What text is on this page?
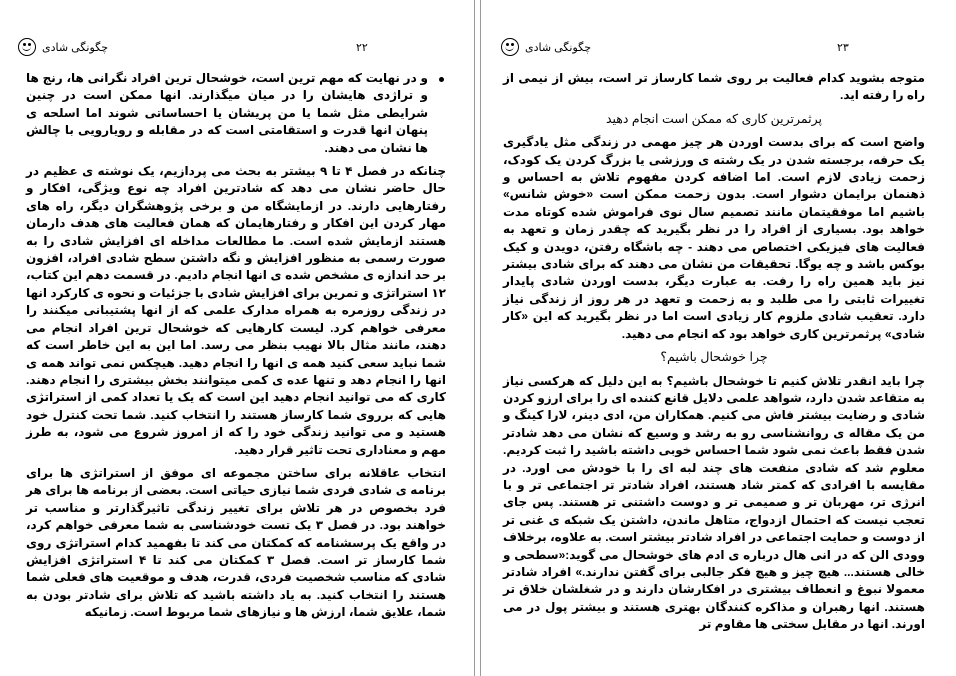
چگونگی شادی	۲۲

و در نهایت که مهم ترین است، خوشحال ترین افراد نگرانی ها، رنج ها و تراژدی هایشان را در میان میگذارند. انها ممکن است در چنین شرایطی مثل شما یا من پریشان یا احساساتی شوند اما اسلحه ی پنهان انها قدرت و استقامتی است که در مقابله و رویارویی با چالش ها نشان می دهند.

چنانکه در فصل ۴ تا ۹ بیشتر به بحث می پردازیم، یک نوشته ی عظیم در حال حاضر نشان می دهد که شادترین افراد چه نوع ویژگی، افکار و رفتارهایی دارند. در ازمایشگاه من و برخی پژوهشگران دیگر، راه های مهار کردن این افکار و رفتارهایمان که همان فعالیت های هدف دارمان هستند ازمایش شده است. ما مطالعات مداخله ای افزایش شادی را به صورت رسمی به منظور افزایش و نگه داشتن سطح شادی افراد، افزون بر حد اندازه ی مشخص شده ی انها انجام دادیم. در قسمت دهم این کتاب، ۱۲ استراتژی و تمرین برای افزایش شادی با جزئیات و نحوه ی کارکرد انها در زندگی روزمره به همراه مدارک علمی که از انها پشتیبانی میکنند را معرفی خواهم کرد. لیست کارهایی که خوشحال ترین افراد انجام می دهند، مانند مثال بالا نهیب بنظر می رسد. اما این به این خاطر است که شما نباید سعی کنید همه ی انها را انجام دهید. هیچکس نمی تواند همه ی انها را انجام دهد و تنها عده ی کمی میتوانند بخش بیشتری را انجام دهند. کاری که می توانید انجام دهید این است که یک یا تعداد کمی از استراتژی هایی که برروی شما کارساز هستند را انتخاب کنید. شما تحت کنترل خود هستید و می توانید زندگی خود را که از امروز شروع می شود، به طرز مهم و معناداری تحت تاثیر قرار دهید.

انتخاب عاقلانه برای ساختن مجموعه ای موفق از استراتژی ها برای برنامه ی شادی فردی شما نیازی حیاتی است. بعضی از برنامه ها برای هر فرد بخصوص در هر تلاش برای تغییر زندگی تاثیرگذارتر و مناسب تر خواهند بود. در فصل ۳ یک تست خودشناسی به شما معرفی خواهم کرد، در واقع یک پرسشنامه که کمکتان می کند تا بفهمید کدام استراتژی روی شما کارساز تر است. فصل ۳ کمکتان می کند تا ۴ استراتژی افزایش شادی که مناسب شخصیت فردی، قدرت، هدف و موقعیت های فعلی شما هستند را انتخاب کنید. به یاد داشته باشید که تلاش برای شادتر بودن به شما، علایق شما، ارزش ها و نیازهای شما مربوط است. زمانیکه

چگونگی شادی	۲۳

متوجه بشوید کدام فعالیت بر روی شما کارساز تر است، بیش از نیمی از راه را رفته اید.

پرثمرترین کاری که ممکن است انجام دهید

واضح است که برای بدست اوردن هر چیز مهمی در زندگی مثل یادگیری یک حرفه، برجسته شدن در یک رشته ی ورزشی یا بزرگ کردن یک کودک، زحمت زیادی لازم است. اما اضافه کردن مفهوم تلاش به احساس و ذهنمان برایمان دشوار است. بدون زحمت ممکن است «خوش شانس» باشیم اما موفقیتمان مانند تصمیم سال نوی فراموش شده کوتاه مدت خواهد بود. بسیاری از افراد را در نظر بگیرید که چقدر زمان و تعهد به فعالیت های فیزیکی اختصاص می دهند - چه باشگاه رفتن، دویدن و کیک بوکس باشد و چه یوگا. تحقیقات من نشان می دهند که برای شادی بیشتر نیز باید همین راه را رفت. به عبارت دیگر، بدست اوردن شادی پایدار تغییرات ثابتی را می طلبد و به زحمت و تعهد در هر روز از زندگی نیاز دارد. تعقیب شادی ملزوم کار زیادی است اما در نظر بگیرید که این «کار شادی» پرثمرترین کاری خواهد بود که انجام می دهید.

چرا خوشحال باشیم؟

چرا باید انقدر تلاش کنیم تا خوشحال باشیم؟ به این دلیل که هرکسی نیاز به متقاعد شدن دارد، شواهد علمی دلایل قانع کننده ای را برای ارزو کردن شادی و رضایت بیشتر فاش می کنیم. همکاران من، ادی دینر، لارا کینگ و من یک مقاله ی روانشناسی رو به رشد و وسیع که نشان می دهد شادتر شدن فقط باعث نمی شود شما احساس خوبی داشته باشید را ثبت کردیم. معلوم شد که شادی منفعت های چند لبه ای را با خودش می اورد. در مقایسه با افرادی که کمتر شاد هستند، افراد شادتر تر اجتماعی تر و با انرژی تر، مهربان تر و صمیمی تر و دوست داشتنی تر هستند. پس جای تعجب نیست که احتمال ازدواج، متاهل ماندن، داشتن یک شبکه ی غنی تر از دوست و حمایت اجتماعی در افراد شادتر بیشتر است. به علاوه، برخلاف وودی الن که در انی هال درباره ی ادم های خوشحال می گوید:«سطحی و خالی هستند... هیچ چیز و هیچ فکر جالبی برای گفتن ندارند.» افراد شادتر معمولا نبوغ و انعطاف بیشتری در افکارشان دارند و در شغلشان خلاق تر هستند. انها رهبران و مذاکره کنندگان بهتری هستند و بیشتر پول در می اورند. انها در مقابل سختی ها مقاوم تر
